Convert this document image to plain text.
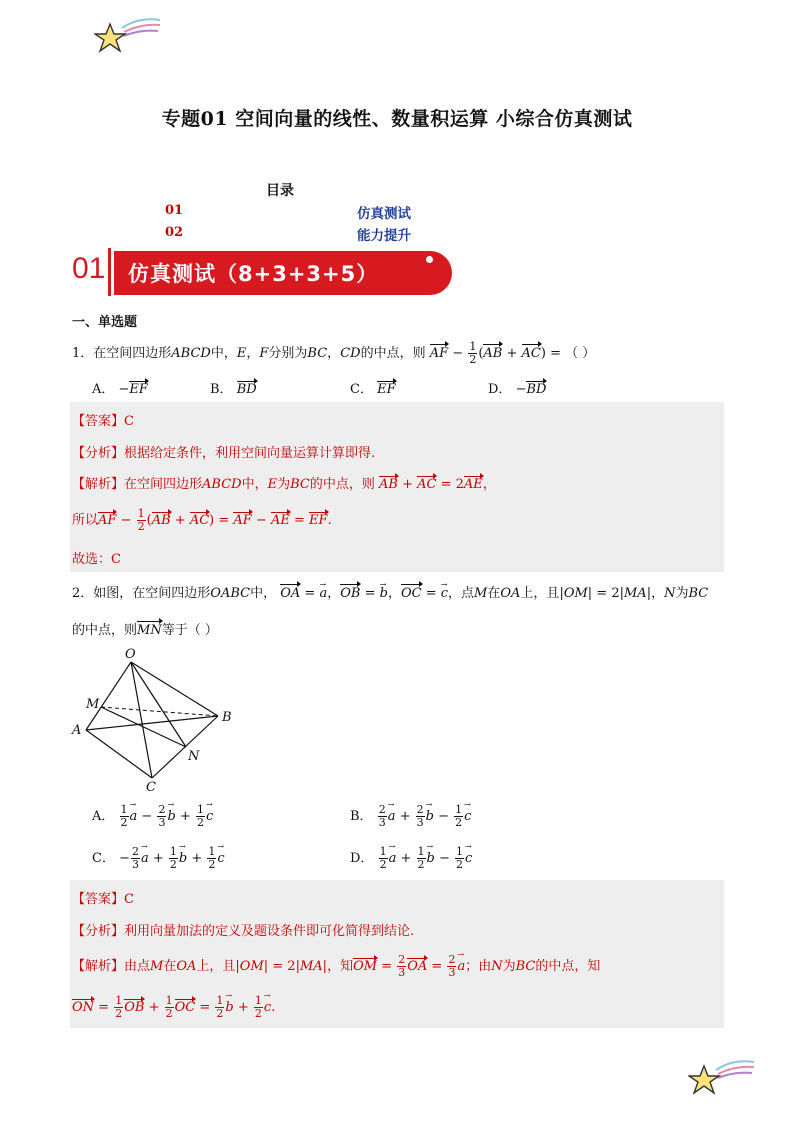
专题01 空间向量的线性、数量积运算 小综合仿真测试
目录
01	仿真测试
02	能力提升
01 仿真测试（8+3+3+5）
一、单选题
1．在空间四边形ABCD中，E，F分别为BC，CD的中点，则 AF − $\frac{1}{2} (AB + AC)$ = （ ）
A． −EF	B． BD	C． EF	D． −BD
【答案】C
【分析】根据给定条件，利用空间向量运算计算即得.
【解析】在空间四边形ABCD中，E为BC的中点，则 AB + AC = 2AE，
所以AF − $\frac{1}{2} (AB + AC)$ = AF − AE = EF.
故选：C
2．如图，在空间四边形OABC中， OA = → a，OB = → b，OC = → c，点M在OA上，且|OM| = 2|MA|，N为BC
的中点，则MN等于（ ）
O
A
B
C
M
N
A． $\frac{1}{2}$
→ $a - \frac{2}{3}$
→ $b + \frac{1}{2}$
→ c	B． $\frac{2}{3}$
→ $a + \frac{2}{3}$
→ $b - \frac{1}{2}$
→ c
C． − $\frac{2}{3}$
→ $a + \frac{1}{2}$
→ $b + \frac{1}{2}$
→ c	D． $\frac{1}{2}$
→ $a + \frac{1}{2}$
→ $b - \frac{1}{2}$
→ c
【答案】C
【分析】利用向量加法的定义及题设条件即可化简得到结论.
【解析】由点M在OA上，且|OM| = 2|MA|，知OM = $\frac{2}{3}$ OA = $\frac{2}{3}$
→ a；由N为BC的中点，知
ON = $\frac{1}{2}$ OB + $\frac{1}{2}$ OC = $\frac{1}{2}$
→ $b + \frac{1}{2}$
→ c.
